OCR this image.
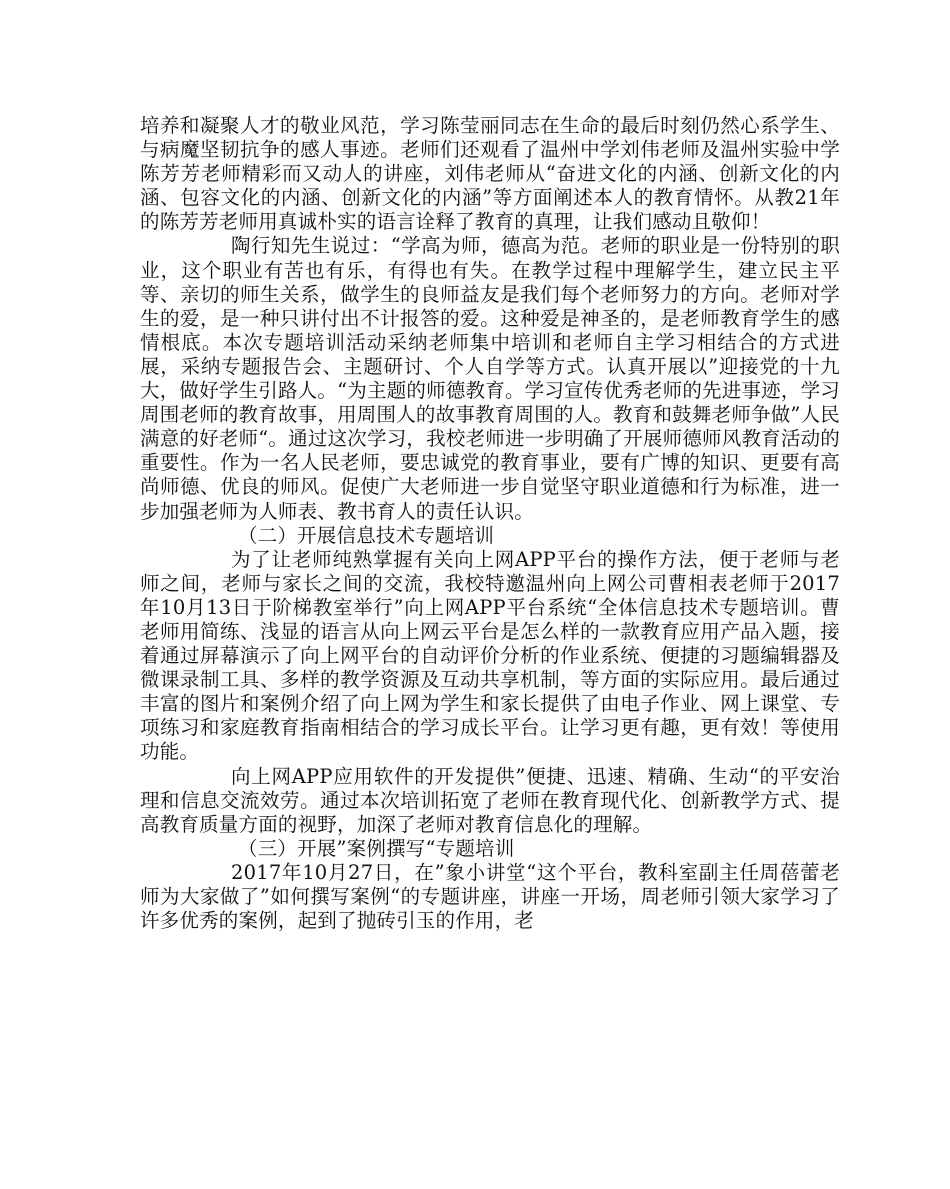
培养和凝聚人才的敬业风范，学习陈莹丽同志在生命的最后时刻仍然心系学生、与病魔坚韧抗争的感人事迹。老师们还观看了温州中学刘伟老师及温州实验中学陈芳芳老师精彩而又动人的讲座，刘伟老师从“奋进文化的内涵、创新文化的内涵、包容文化的内涵、创新文化的内涵”等方面阐述本人的教育情怀。从教21年的陈芳芳老师用真诚朴实的语言诠释了教育的真理，让我们感动且敬仰！

陶行知先生说过：“学高为师，德高为范。老师的职业是一份特别的职业，这个职业有苦也有乐，有得也有失。在教学过程中理解学生，建立民主平等、亲切的师生关系，做学生的良师益友是我们每个老师努力的方向。老师对学生的爱，是一种只讲付出不计报答的爱。这种爱是神圣的，是老师教育学生的感情根底。本次专题培训活动采纳老师集中培训和老师自主学习相结合的方式进展，采纳专题报告会、主题研讨、个人自学等方式。认真开展以”迎接党的十九大，做好学生引路人。“为主题的师德教育。学习宣传优秀老师的先进事迹，学习周围老师的教育故事，用周围人的故事教育周围的人。教育和鼓舞老师争做”人民满意的好老师“。通过这次学习，我校老师进一步明确了开展师德师风教育活动的重要性。作为一名人民老师，要忠诚党的教育事业，要有广博的知识、更要有高尚师德、优良的师风。促使广大老师进一步自觉坚守职业道德和行为标准，进一步加强老师为人师表、教书育人的责任认识。

（二）开展信息技术专题培训

为了让老师纯熟掌握有关向上网APP平台的操作方法，便于老师与老师之间，老师与家长之间的交流，我校特邀温州向上网公司曹相表老师于2017年10月13日于阶梯教室举行”向上网APP平台系统“全体信息技术专题培训。曹老师用简练、浅显的语言从向上网云平台是怎么样的一款教育应用产品入题，接着通过屏幕演示了向上网平台的自动评价分析的作业系统、便捷的习题编辑器及微课录制工具、多样的教学资源及互动共享机制，等方面的实际应用。最后通过丰富的图片和案例介绍了向上网为学生和家长提供了由电子作业、网上课堂、专项练习和家庭教育指南相结合的学习成长平台。让学习更有趣，更有效！等使用功能。

向上网APP应用软件的开发提供”便捷、迅速、精确、生动“的平安治理和信息交流效劳。通过本次培训拓宽了老师在教育现代化、创新教学方式、提高教育质量方面的视野，加深了老师对教育信息化的理解。

（三）开展”案例撰写“专题培训

2017年10月27日，在”象小讲堂“这个平台，教科室副主任周蓓蕾老师为大家做了”如何撰写案例“的专题讲座，讲座一开场，周老师引领大家学习了许多优秀的案例，起到了抛砖引玉的作用，老
